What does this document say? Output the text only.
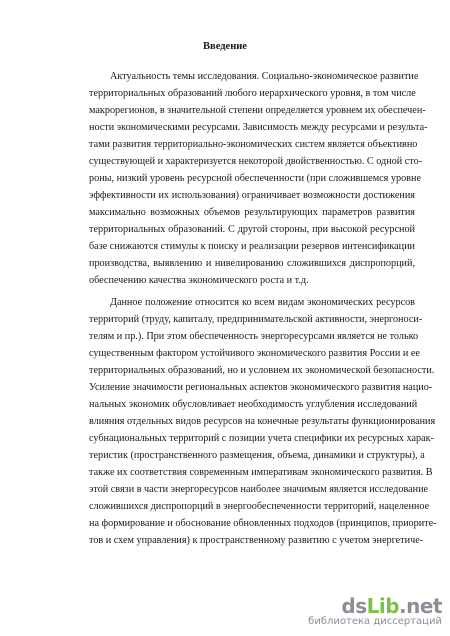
Введение
Актуальность темы исследования. Социально-экономическое развитие
территориальных образований любого иерархического уровня, в том числе
макрорегионов, в значительной степени определяется уровнем их обеспечен-
ности экономическими ресурсами. Зависимость между ресурсами и результа-
тами развития территориально-экономических систем является объективно
существующей и характеризуется некоторой двойственностью. С одной сто-
роны, низкий уровень ресурсной обеспеченности (при сложившемся уровне
эффективности их использования) ограничивает возможности достижения
максимально возможных объемов результирующих параметров развития
территориальных образований. С другой стороны, при высокой ресурсной
базе снижаются стимулы к поиску и реализации резервов интенсификации
производства, выявлению и нивелированию сложившихся диспропорций,
обеспечению качества экономического роста и т.д.
Данное положение относится ко всем видам экономических ресурсов
территорий (труду, капиталу, предпринимательской активности, энергоноси-
телям и пр.). При этом обеспеченность энергоресурсами является не только
существенным фактором устойчивого экономического развития России и ее
территориальных образований, но и условием их экономической безопасности.
Усиление значимости региональных аспектов экономического развития нацио-
нальных экономик обусловливает необходимость углубления исследований
влияния отдельных видов ресурсов на конечные результаты функционирования
субнациональных территорий с позиции учета специфики их ресурсных харак-
теристик (пространственного размещения, объема, динамики и структуры), а
также их соответствия современным императивам экономического развития. В
этой связи в части энергоресурсов наиболее значимым является исследование
сложившихся диспропорций в энергообеспеченности территорий, нацеленное
на формирование и обоснование обновленных подходов (принципов, приорите-
тов и схем управления) к пространственному развитию с учетом энергетиче-
dsLib.net
библиотека диссертаций
